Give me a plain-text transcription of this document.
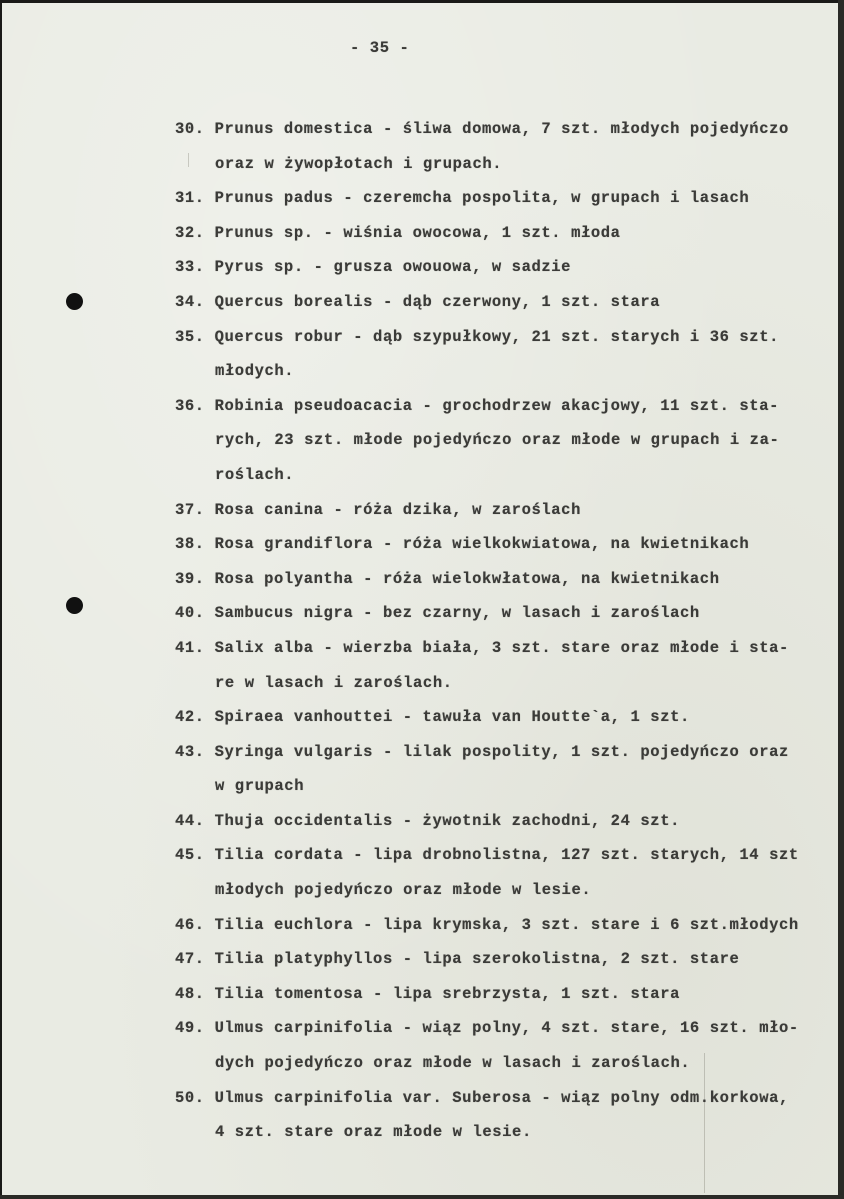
- 35 -
30. Prunus domestica - śliwa domowa, 7 szt. młodych pojedyńczo
oraz w żywopłotach i grupach.
31. Prunus padus - czeremcha pospolita, w grupach i lasach
32. Prunus sp. - wiśnia owocowa, 1 szt. młoda
33. Pyrus sp. - grusza owouowa, w sadzie
34. Quercus borealis - dąb czerwony, 1 szt. stara
35. Quercus robur - dąb szypułkowy, 21 szt. starych i 36 szt.
młodych.
36. Robinia pseudoacacia - grochodrzew akacjowy, 11 szt. sta-
rych, 23 szt. młode pojedyńczo oraz młode w grupach i za-
roślach.
37. Rosa canina - róża dzika, w zaroślach
38. Rosa grandiflora - róża wielkokwiatowa, na kwietnikach
39. Rosa polyantha - róża wielokwłatowa, na kwietnikach
40. Sambucus nigra - bez czarny, w lasach i zaroślach
41. Salix alba - wierzba biała, 3 szt. stare oraz młode i sta-
re w lasach i zaroślach.
42. Spiraea vanhouttei - tawuła van Houtte`a, 1 szt.
43. Syringa vulgaris - lilak pospolity, 1 szt. pojedyńczo oraz
w grupach
44. Thuja occidentalis - żywotnik zachodni, 24 szt.
45. Tilia cordata - lipa drobnolistna, 127 szt. starych, 14 szt
młodych pojedyńczo oraz młode w lesie.
46. Tilia euchlora - lipa krymska, 3 szt. stare i 6 szt.młodych
47. Tilia platyphyllos - lipa szerokolistna, 2 szt. stare
48. Tilia tomentosa - lipa srebrzysta, 1 szt. stara
49. Ulmus carpinifolia - wiąz polny, 4 szt. stare, 16 szt. mło-
dych pojedyńczo oraz młode w lasach i zaroślach.
50. Ulmus carpinifolia var. Suberosa - wiąz polny odm.korkowa,
4 szt. stare oraz młode w lesie.
